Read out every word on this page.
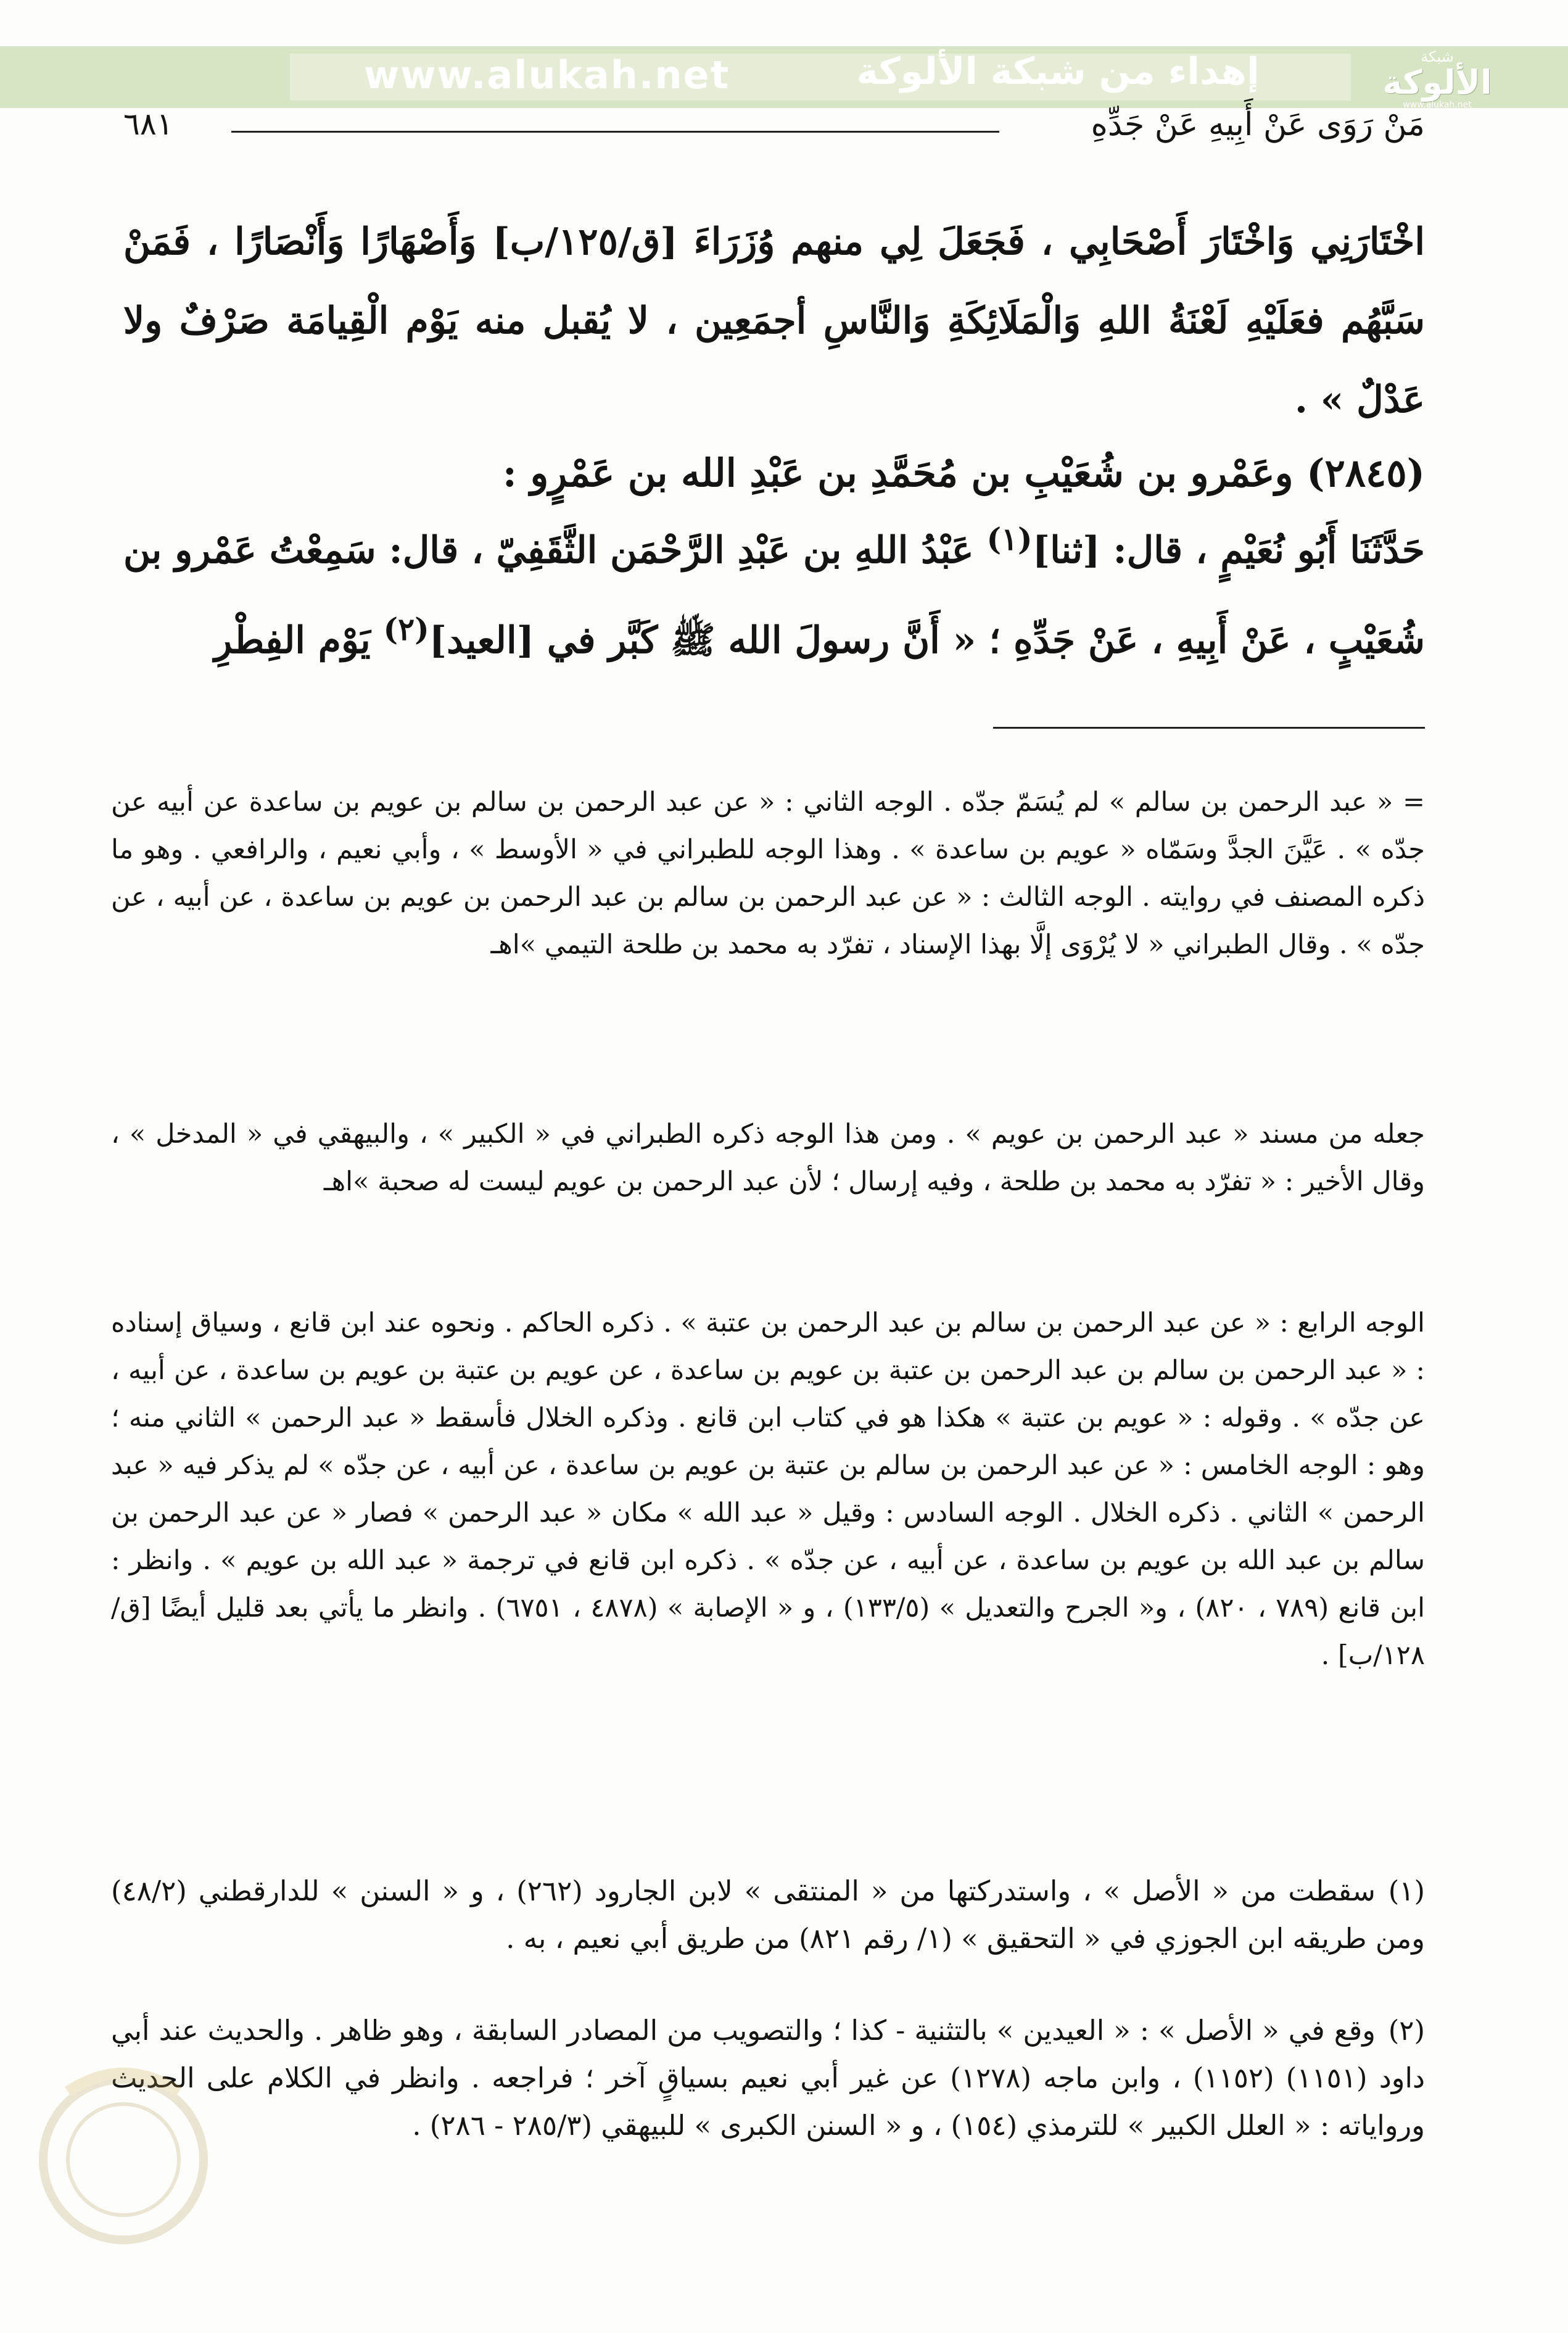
www.alukah.net	إهداء من شبكة الألوكة	شبكة
الألوكة
www.alukah.net
٦٨١	مَنْ رَوَى عَنْ أَبِيهِ عَنْ جَدِّهِ

اخْتَارَنِي وَاخْتَارَ أَصْحَابِي ، فَجَعَلَ لِي منهم وُزَرَاءَ [ق/١٢٥/ب] وَأَصْهَارًا وَأَنْصَارًا ، فَمَنْ سَبَّهُم فعَلَيْهِ لَعْنَةُ اللهِ وَالْمَلَائِكَةِ وَالنَّاسِ أجمَعِين ، لا يُقبل منه يَوْم الْقِيامَة صَرْفٌ ولا عَدْلٌ » .

(٢٨٤٥) وعَمْرو بن شُعَيْبِ بن مُحَمَّدِ بن عَبْدِ الله بن عَمْرٍو :

حَدَّثَنَا أَبُو نُعَيْمٍ ، قال: [ثنا]$^{(١)}$ عَبْدُ اللهِ بن عَبْدِ الرَّحْمَن الثَّقَفِيّ ، قال: سَمِعْتُ عَمْرو بن شُعَيْبٍ ، عَنْ أَبِيهِ ، عَنْ جَدِّهِ ؛ « أَنَّ رسولَ الله ﷺ كَبَّر في [العيد]$^{(٢)}$ يَوْم الفِطْرِ

= « عبد الرحمن بن سالم » لم يُسَمّ جدّه . الوجه الثاني : « عن عبد الرحمن بن سالم بن عويم بن ساعدة عن أبيه عن جدّه » . عَيَّنَ الجدَّ وسَمّاه « عويم بن ساعدة » . وهذا الوجه للطبراني في « الأوسط » ، وأبي نعيم ، والرافعي . وهو ما ذكره المصنف في روايته . الوجه الثالث : « عن عبد الرحمن بن سالم بن عبد الرحمن بن عويم بن ساعدة ، عن أبيه ، عن جدّه » . وقال الطبراني « لا يُرْوَى إلَّا بهذا الإسناد ، تفرّد به محمد بن طلحة التيمي »اهـ

جعله من مسند « عبد الرحمن بن عويم » . ومن هذا الوجه ذكره الطبراني في « الكبير » ، والبيهقي في « المدخل » ، وقال الأخير : « تفرّد به محمد بن طلحة ، وفيه إرسال ؛ لأن عبد الرحمن بن عويم ليست له صحبة »اهـ

الوجه الرابع : « عن عبد الرحمن بن سالم بن عبد الرحمن بن عتبة » . ذكره الحاكم . ونحوه عند ابن قانع ، وسياق إسناده : « عبد الرحمن بن سالم بن عبد الرحمن بن عتبة بن عويم بن ساعدة ، عن عويم بن عتبة بن عويم بن ساعدة ، عن أبيه ، عن جدّه » . وقوله : « عويم بن عتبة » هكذا هو في كتاب ابن قانع . وذكره الخلال فأسقط « عبد الرحمن » الثاني منه ؛ وهو : الوجه الخامس : « عن عبد الرحمن بن سالم بن عتبة بن عويم بن ساعدة ، عن أبيه ، عن جدّه » لم يذكر فيه « عبد الرحمن » الثاني . ذكره الخلال . الوجه السادس : وقيل « عبد الله » مكان « عبد الرحمن » فصار « عن عبد الرحمن بن سالم بن عبد الله بن عويم بن ساعدة ، عن أبيه ، عن جدّه » . ذكره ابن قانع في ترجمة « عبد الله بن عويم » . وانظر : ابن قانع (٧٨٩ ، ٨٢٠) ، و« الجرح والتعديل » (١٣٣/٥) ، و « الإصابة » (٤٨٧٨ ، ٦٧٥١) . وانظر ما يأتي بعد قليل أيضًا [ق/١٢٨/ب] .

(١)سقطت من « الأصل » ، واستدركتها من « المنتقى » لابن الجارود (٢٦٢) ، و « السنن » للدارقطني (٤٨/٢) ومن طريقه ابن الجوزي في « التحقيق » (١/ رقم ٨٢١) من طريق أبي نعيم ، به .

(٢)وقع في « الأصل » : « العيدين » بالتثنية - كذا ؛ والتصويب من المصادر السابقة ، وهو ظاهر . والحديث عند أبي داود (١١٥١) (١١٥٢) ، وابن ماجه (١٢٧٨) عن غير أبي نعيم بسياقٍ آخر ؛ فراجعه . وانظر في الكلام على الحديث ورواياته : « العلل الكبير » للترمذي (١٥٤) ، و « السنن الكبرى » للبيهقي (٢٨٥/٣ - ٢٨٦) .
